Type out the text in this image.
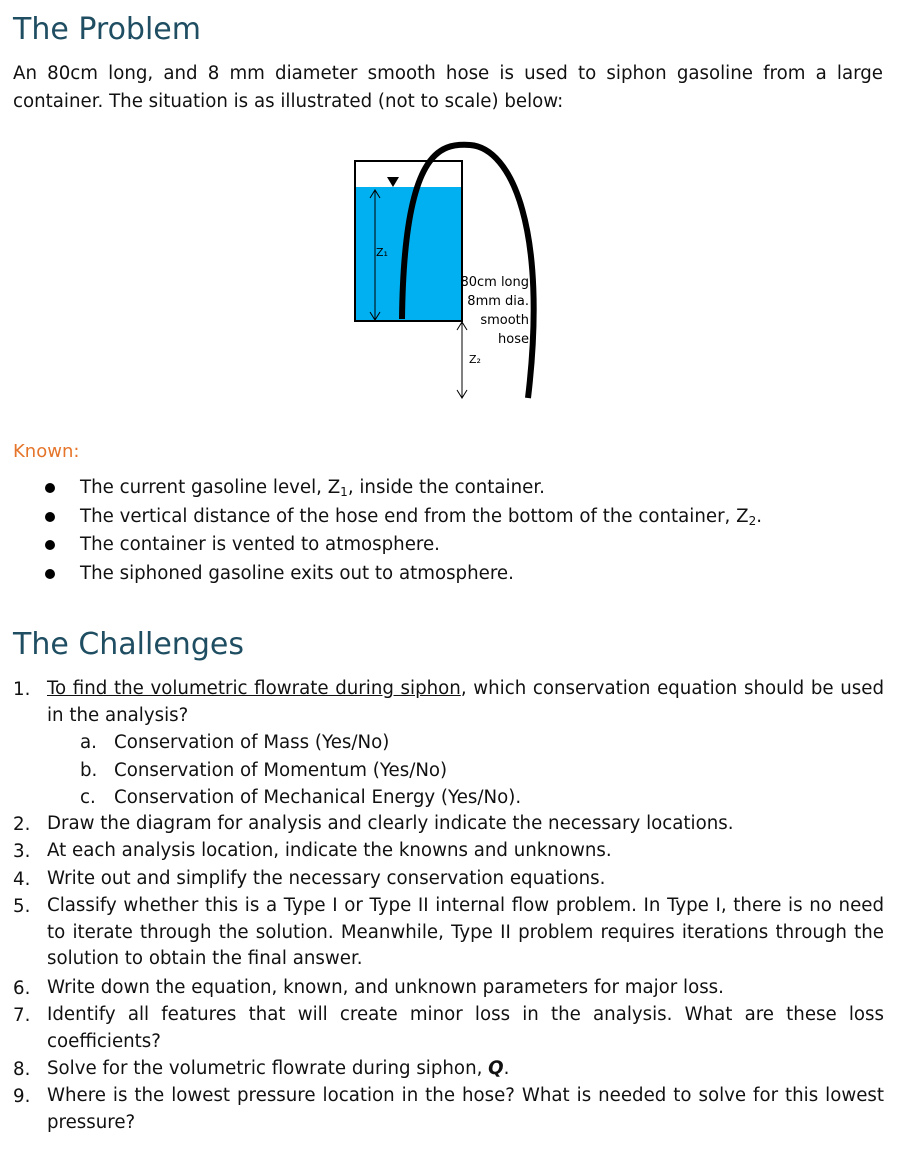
The Problem

An 80cm long, and 8 mm diameter smooth hose is used to siphon gasoline from a large container. The situation is as illustrated (not to scale) below:

Z₁
Z₂
80cm long
8mm dia.
smooth
hose

Known:

The current gasoline level, $Z_1$, inside the container.
The vertical distance of the hose end from the bottom of the container, $Z_2$.
The container is vented to atmosphere.
The siphoned gasoline exits out to atmosphere.
The Challenges
1. To find the volumetric flowrate during siphon, which conservation equation should be used in the analysis?
a. Conservation of Mass (Yes/No)
b. Conservation of Momentum (Yes/No)
c. Conservation of Mechanical Energy (Yes/No).
2. Draw the diagram for analysis and clearly indicate the necessary locations.
3. At each analysis location, indicate the knowns and unknowns.
4. Write out and simplify the necessary conservation equations.
5. Classify whether this is a Type I or Type II internal flow problem. In Type I, there is no need to iterate through the solution. Meanwhile, Type II problem requires iterations through the solution to obtain the final answer.
6. Write down the equation, known, and unknown parameters for major loss.
7. Identify all features that will create minor loss in the analysis. What are these loss coefficients?
8. Solve for the volumetric flowrate during siphon, Q.
9. Where is the lowest pressure location in the hose? What is needed to solve for this lowest pressure?
